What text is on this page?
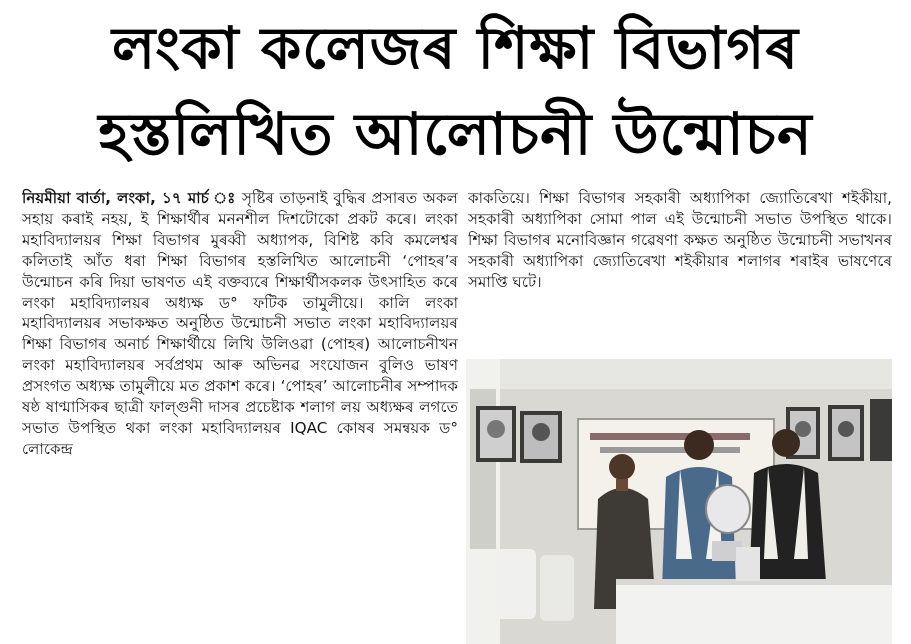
লংকা কলেজৰ শিক্ষা বিভাগৰ
হস্তলিখিত আলোচনী উন্মোচন
নিয়মীয়া বাৰ্তা, লংকা, ১৭ মাৰ্চ ঃ সৃষ্টিৰ তাড়নাই বুদ্ধিৰ প্ৰসাৰত অকল সহায় কৰাই নহয়, ই শিক্ষাৰ্থীৰ মননশীল দিশটোকো প্ৰকট কৰে। লংকা মহাবিদ্যালয়ৰ শিক্ষা বিভাগৰ মুৰব্বী অধ্যাপক, বিশিষ্ট কবি কমলেশ্বৰ কলিতাই আঁত ধৰা শিক্ষা বিভাগৰ হস্তলিখিত আলোচনী ‘পোহৰ’ৰ উন্মোচন কৰি দিয়া ভাষণত এই বক্তব্যৰে শিক্ষাৰ্থীসকলক উৎসাহিত কৰে লংকা মহাবিদ্যালয়ৰ অধ্যক্ষ ড° ফটিক তামুলীয়ে। কালি লংকা মহাবিদ্যালয়ৰ সভাকক্ষত অনুষ্ঠিত উন্মোচনী সভাত লংকা মহাবিদ্যালয়ৰ শিক্ষা বিভাগৰ অনাৰ্চ শিক্ষাৰ্থীয়ে লিখি উলিওৱা (পোহৰ) আলোচনীখন লংকা মহাবিদ্যালয়ৰ সৰ্বপ্ৰথম আৰু অভিনৱ সংযোজন বুলিও ভাষণ প্ৰসংগত অধ্যক্ষ তামুলীয়ে মত প্ৰকাশ কৰে। ‘পোহৰ’ আলোচনীৰ সম্পাদক ষষ্ঠ ষাণ্মাসিকৰ ছাত্ৰী ফাল্গুনী দাসৰ প্ৰচেষ্টাক শলাগ লয় অধ্যক্ষৰ লগতে সভাত উপস্থিত থকা লংকা মহাবিদ্যালয়ৰ IQAC কোষৰ সমন্বয়ক ড° লোকেন্দ্ৰ
কাকতিয়ে। শিক্ষা বিভাগৰ সহকাৰী অধ্যাপিকা জ্যোতিৰেখা শইকীয়া, সহকাৰী অধ্যাপিকা সোমা পাল এই উন্মোচনী সভাত উপস্থিত থাকে। শিক্ষা বিভাগৰ মনোবিজ্ঞান গৱেষণা কক্ষত অনুষ্ঠিত উন্মোচনী সভাখনৰ সহকাৰী অধ্যাপিকা জ্যোতিৰেখা শইকীয়াৰ শলাগৰ শৰাইৰ ভাষণেৰে সমাপ্তি ঘটে।
